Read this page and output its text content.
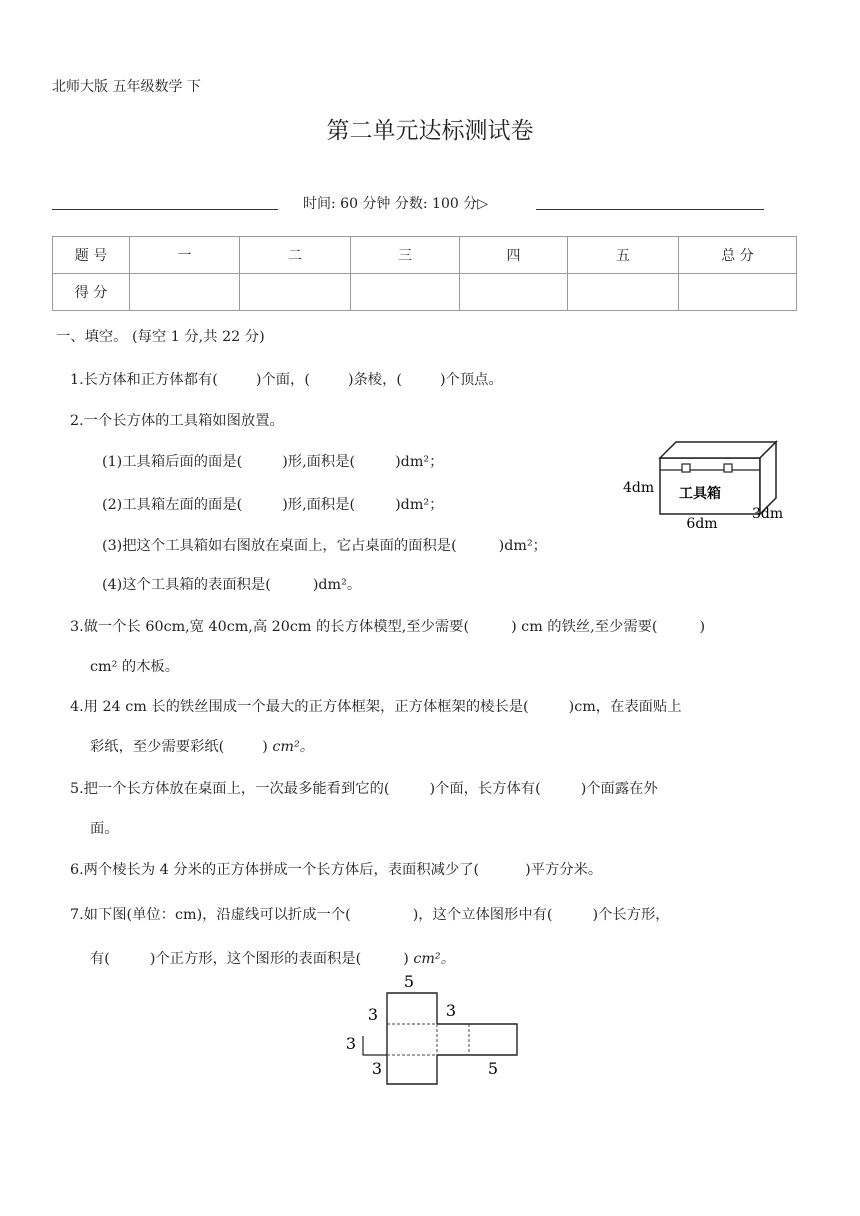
北师大版 五年级数学 下
第二单元达标测试卷
时间: 60 分钟 分数: 100 分▷
题 号	一	二	三	四	五	总 分
得 分						
一、填空。 (每空 1 分,共 22 分)
1.长方体和正方体都有(	)个面，(	)条棱，(	)个顶点。
2.一个长方体的工具箱如图放置。
(1)工具箱后面的面是(	)形,面积是(	)dm²；
(2)工具箱左面的面是(	)形,面积是(	)dm²；
(3)把这个工具箱如右图放在桌面上，它占桌面的面积是(	)dm²；
(4)这个工具箱的表面积是(	)dm²。
工具箱
4dm
6dm
3dm
3.做一个长 60cm,宽 40cm,高 20cm 的长方体模型,至少需要(	) cm 的铁丝,至少需要(	)
cm² 的木板。
4.用 24 cm 长的铁丝围成一个最大的正方体框架，正方体框架的棱长是(	)cm，在表面贴上
彩纸，至少需要彩纸(	) cm²。
5.把一个长方体放在桌面上，一次最多能看到它的(	)个面，长方体有(	)个面露在外
面。
6.两个棱长为 4 分米的正方体拼成一个长方体后，表面积减少了(	)平方分米。
7.如下图(单位：cm)，沿虚线可以折成一个(	)，这个立体图形中有(	)个长方形，
有(	)个正方形，这个图形的表面积是(	) cm²。
5
3	3
3
3	5
